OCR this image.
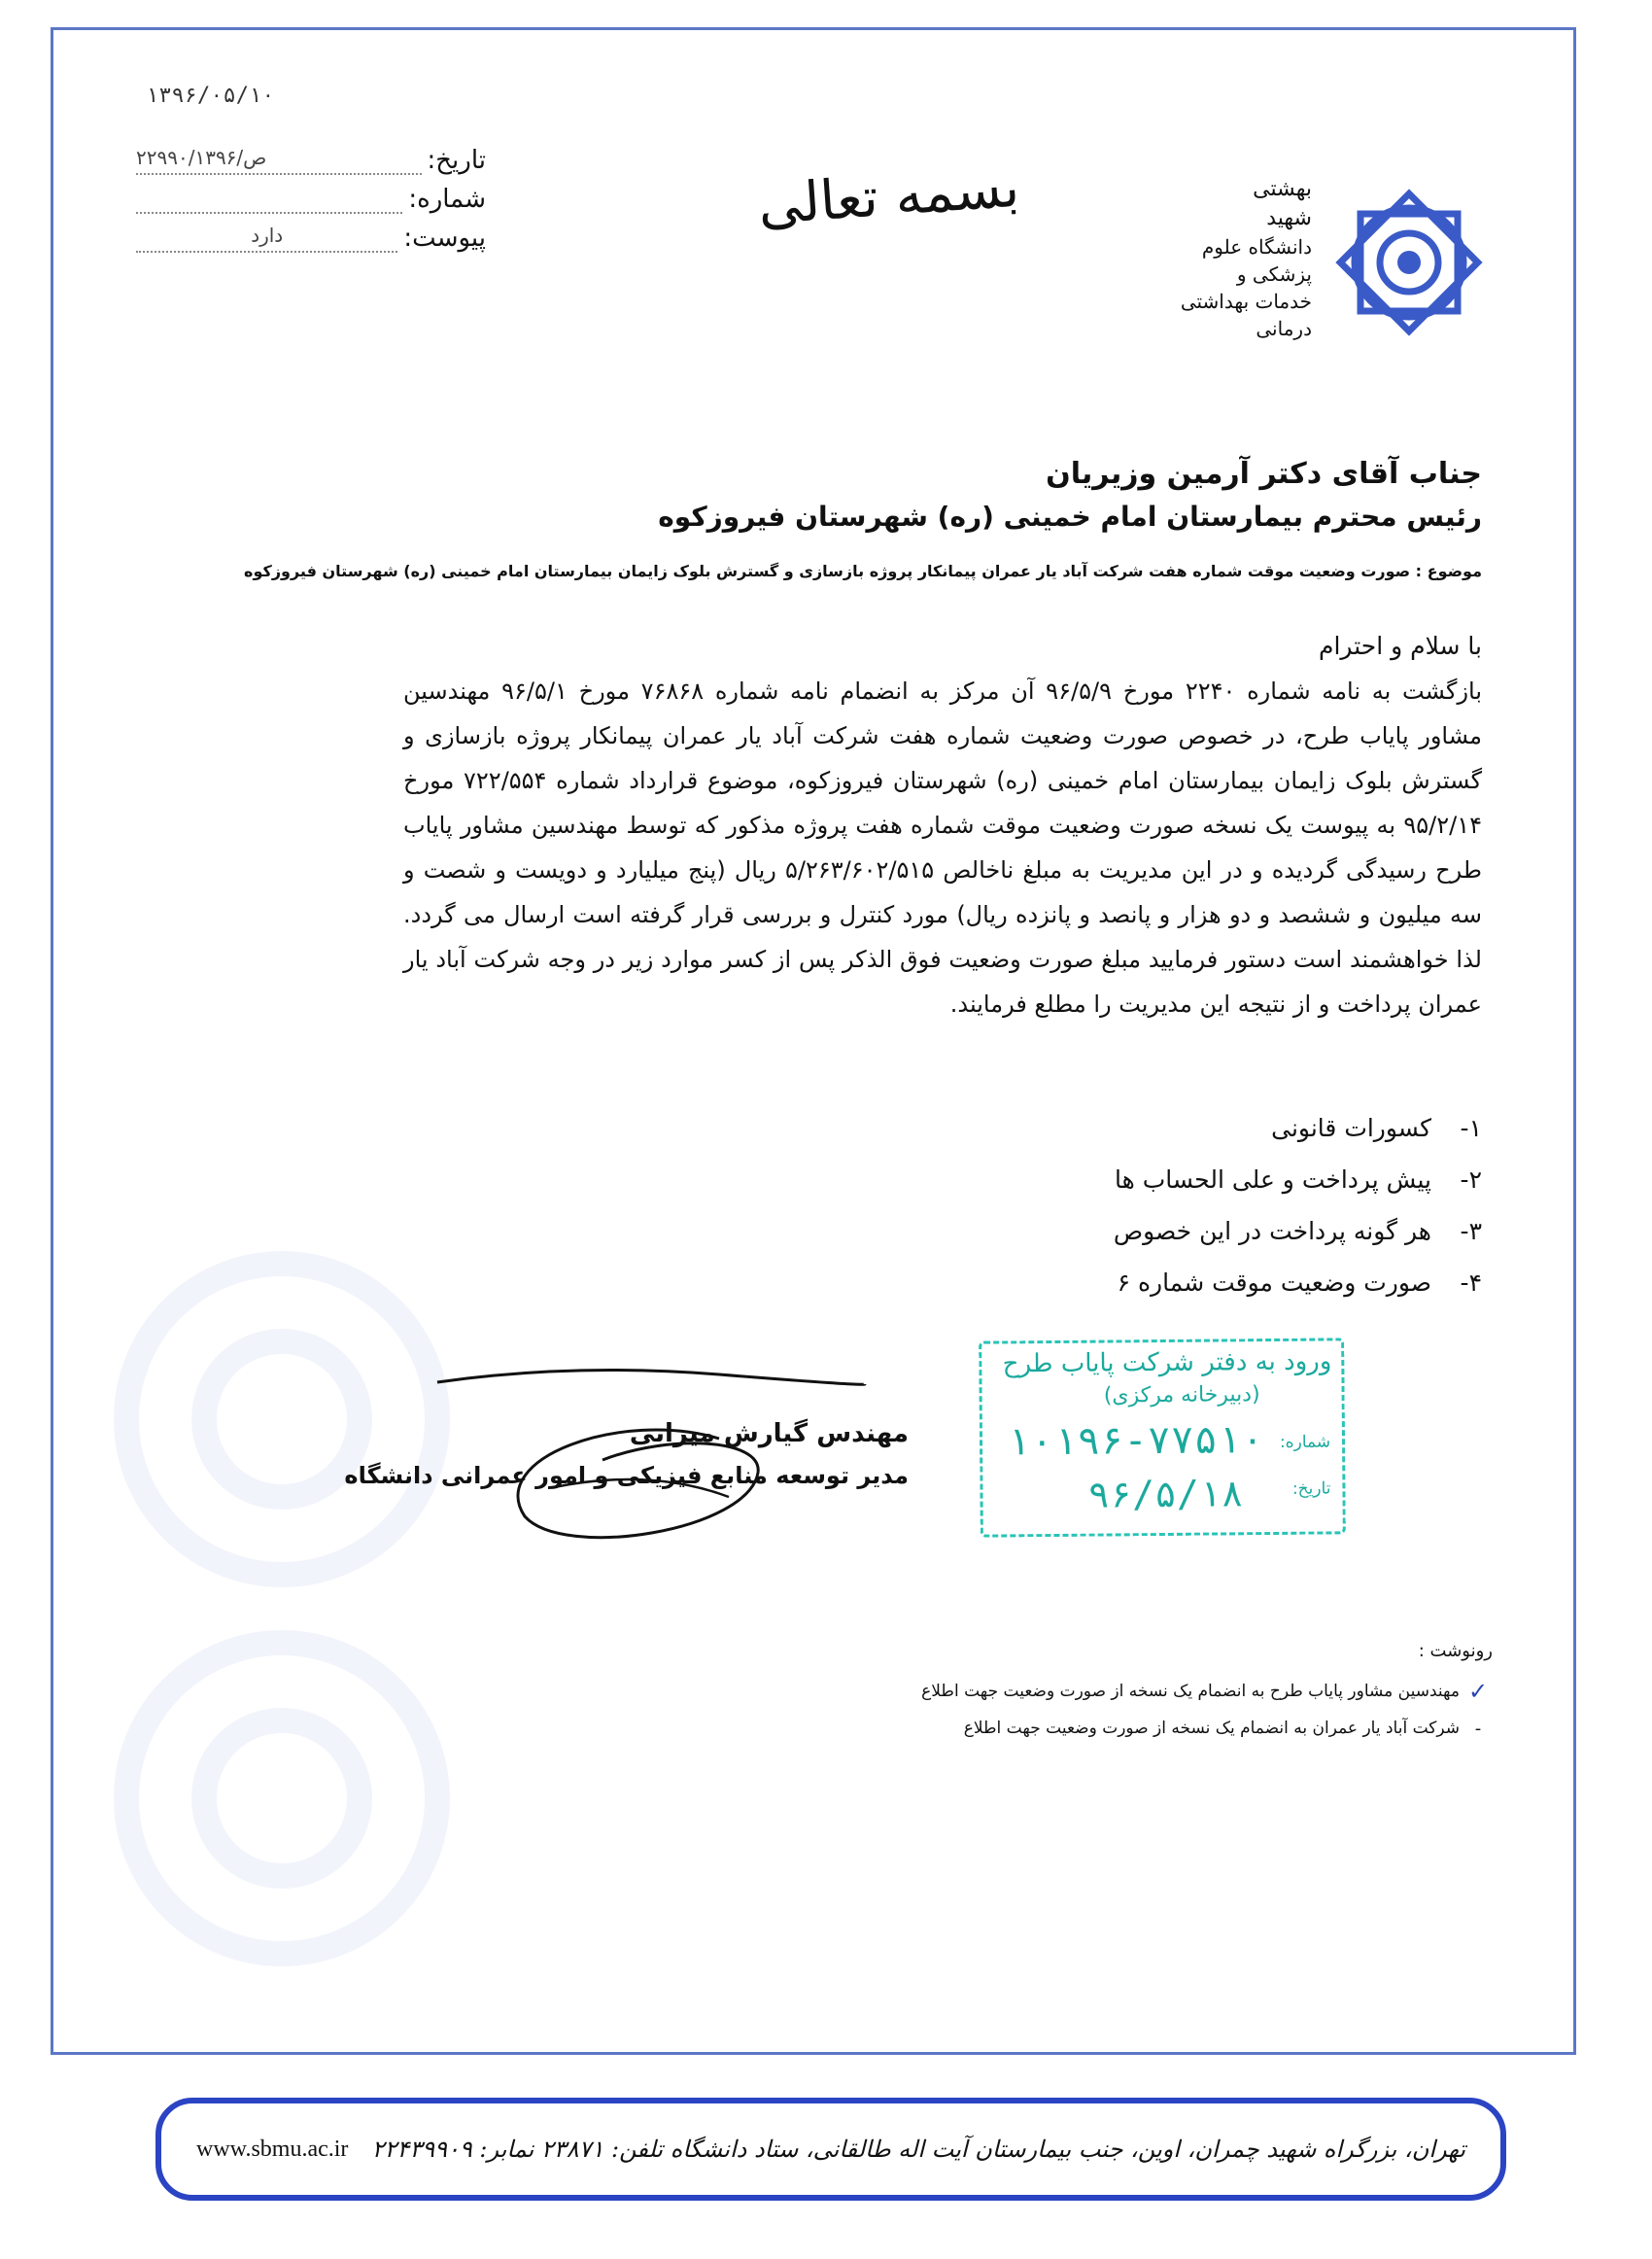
۱۳۹۶/۰۵/۱۰
تاریخ:
۲۲۹۹۰/ص/۱۳۹۶
شماره:
پیوست:
دارد	بسمه تعالی	بهشتی
شهید
دانشگاه علوم پزشکی و خدمات بهداشتی درمانی
جناب آقای دکتر آرمین وزیریان
رئیس محترم بیمارستان امام خمینی (ره) شهرستان فیروزکوه
موضوع : صورت وضعیت موقت شماره هفت شرکت آباد یار عمران پیمانکار پروژه بازسازی و گسترش بلوک زایمان بیمارستان امام خمینی (ره) شهرستان فیروزکوه
با سلام و احترام
بازگشت به نامه شماره ۲۲۴۰ مورخ ۹۶/۵/۹ آن مرکز به انضمام نامه شماره ۷۶۸۶۸ مورخ ۹۶/۵/۱ مهندسین مشاور پایاب طرح، در خصوص صورت وضعیت شماره هفت شرکت آباد یار عمران پیمانکار پروژه بازسازی و گسترش بلوک زایمان بیمارستان امام خمینی (ره) شهرستان فیروزکوه، موضوع قرارداد شماره ۷۲۲/۵۵۴ مورخ ۹۵/۲/۱۴ به پیوست یک نسخه صورت وضعیت موقت شماره هفت پروژه مذکور که توسط مهندسین مشاور پایاب طرح رسیدگی گردیده و در این مدیریت به مبلغ ناخالص ۵/۲۶۳/۶۰۲/۵۱۵ ریال (پنج میلیارد و دویست و شصت و سه میلیون و ششصد و دو هزار و پانصد و پانزده ریال) مورد کنترل و بررسی قرار گرفته است ارسال می گردد. لذا خواهشمند است دستور فرمایید مبلغ صورت وضعیت فوق الذکر پس از کسر موارد زیر در وجه شرکت آباد یار عمران پرداخت و از نتیجه این مدیریت را مطلع فرمایند.
۱-
کسورات قانونی
۲-
پیش پرداخت و علی الحساب ها
۳-
هر گونه پرداخت در این خصوص
۴-
صورت وضعیت موقت شماره ۶
مهندس گیارش میرابی
مدیر توسعه منابع فیزیکی و امور عمرانی دانشگاه
ورود به دفتر شرکت پایاب طرح
(دبیرخانه مرکزی)
شماره:
۱۰۱۹۶-۷۷۵۱۰
تاریخ:
۹۶/۵/۱۸
رونوشت :
✓
مهندسین مشاور پایاب طرح به انضمام یک نسخه از صورت وضعیت جهت اطلاع
-
شرکت آباد یار عمران به انضمام یک نسخه از صورت وضعیت جهت اطلاع
www.sbmu.ac.ir تهران، بزرگراه شهید چمران، اوین، جنب بیمارستان آیت اله طالقانی، ستاد دانشگاه تلفن: ۲۳۸۷۱ نمابر: ۲۲۴۳۹۹۰۹
